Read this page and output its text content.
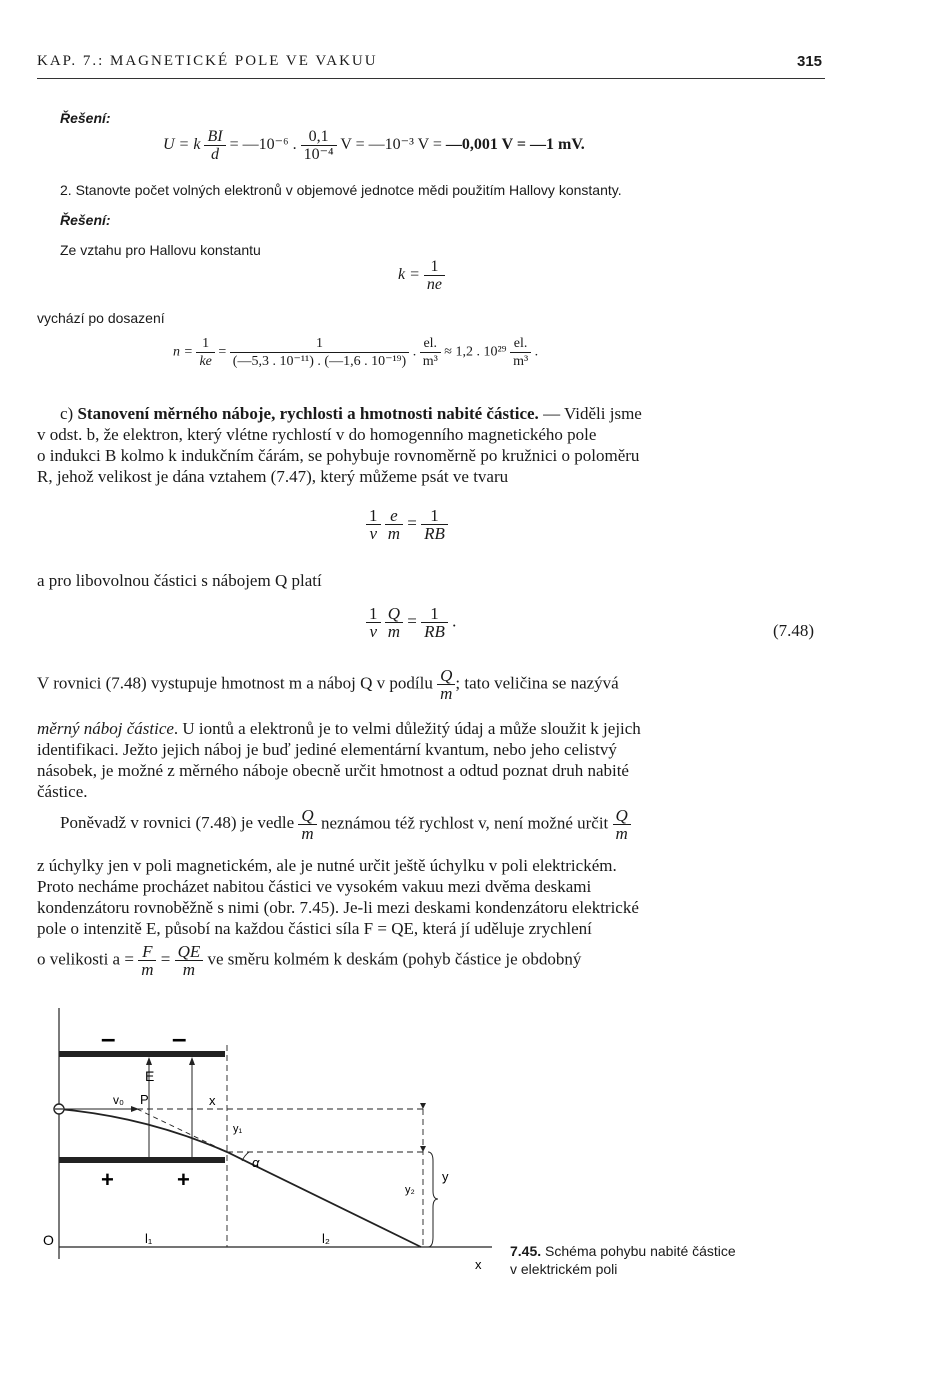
KAP. 7.: MAGNETICKÉ POLE VE VAKUU	315
Řešení:
U = k $\frac{BI}{d}$ = —10⁻⁶ . $\frac{0,1}{\text{10⁻⁴}}$ V = —10⁻³ V = —0,001 V = —1 mV.
2. Stanovte počet volných elektronů v objemové jednotce mědi použitím Hallovy konstanty.
Řešení:
Ze vztahu pro Hallovu konstantu
$k = \frac{1}{ne}$
vychází po dosazení
$n = \frac{1}{ke} = \frac{1}{\text{(—5,3 . 10⁻¹¹) . (—1,6 . 10⁻¹⁹)}}$ . $\frac{el.}{\text{m³}} \approx 1,2$ . $10^{29} \frac{el.}{\text{m³}}$ .
c) Stanovení měrného náboje, rychlosti a hmotnosti nabité částice. — Viděli jsme
v odst. b, že elektron, který vlétne rychlostí v do homogenního magnetického pole
o indukci B kolmo k indukčním čárám, se pohybuje rovnoměrně po kružnici o poloměru
R, jehož velikost je dána vztahem (7.47), který můžeme psát ve tvaru
$\frac{1}{v}$
$\frac{e}{m} = \frac{1}{RB}$
a pro libovolnou částici s nábojem Q platí
$\frac{1}{v}$
$\frac{Q}{m} = \frac{1}{RB}$ .
(7.48)
V rovnici (7.48) vystupuje hmotnost m a náboj Q v podílu $\frac{Q}{m}$ ; tato veličina se nazývá
měrný náboj částice. U iontů a elektronů je to velmi důležitý údaj a může sloužit k jejich
identifikaci. Ježto jejich náboj je buď jediné elementární kvantum, nebo jeho celistvý
násobek, je možné z měrného náboje obecně určit hmotnost a odtud poznat druh nabité
částice.
Poněvadž v rovnici (7.48) je vedle $\frac{Q}{m}$ neznámou též rychlost v, není možné určit $\frac{Q}{m}$
z úchylky jen v poli magnetickém, ale je nutné určit ještě úchylku v poli elektrickém.
Proto necháme procházet nabitou částici ve vysokém vakuu mezi dvěma deskami
kondenzátoru rovnoběžně s nimi (obr. 7.45). Je-li mezi deskami kondenzátoru elektrické
pole o intenzitě E, působí na každou částici síla F = QE, která jí uděluje zrychlení
o velikosti $a = \frac{F}{m} = \frac{QE}{m}$ ve směru kolmém k deskám (pohyb částice je obdobný
– –
+	+
E
v₀ P	x
y₁
α
y₂
y
O	l₁	l₂
x
7.45. Schéma pohybu nabité částice
v elektrickém poli
